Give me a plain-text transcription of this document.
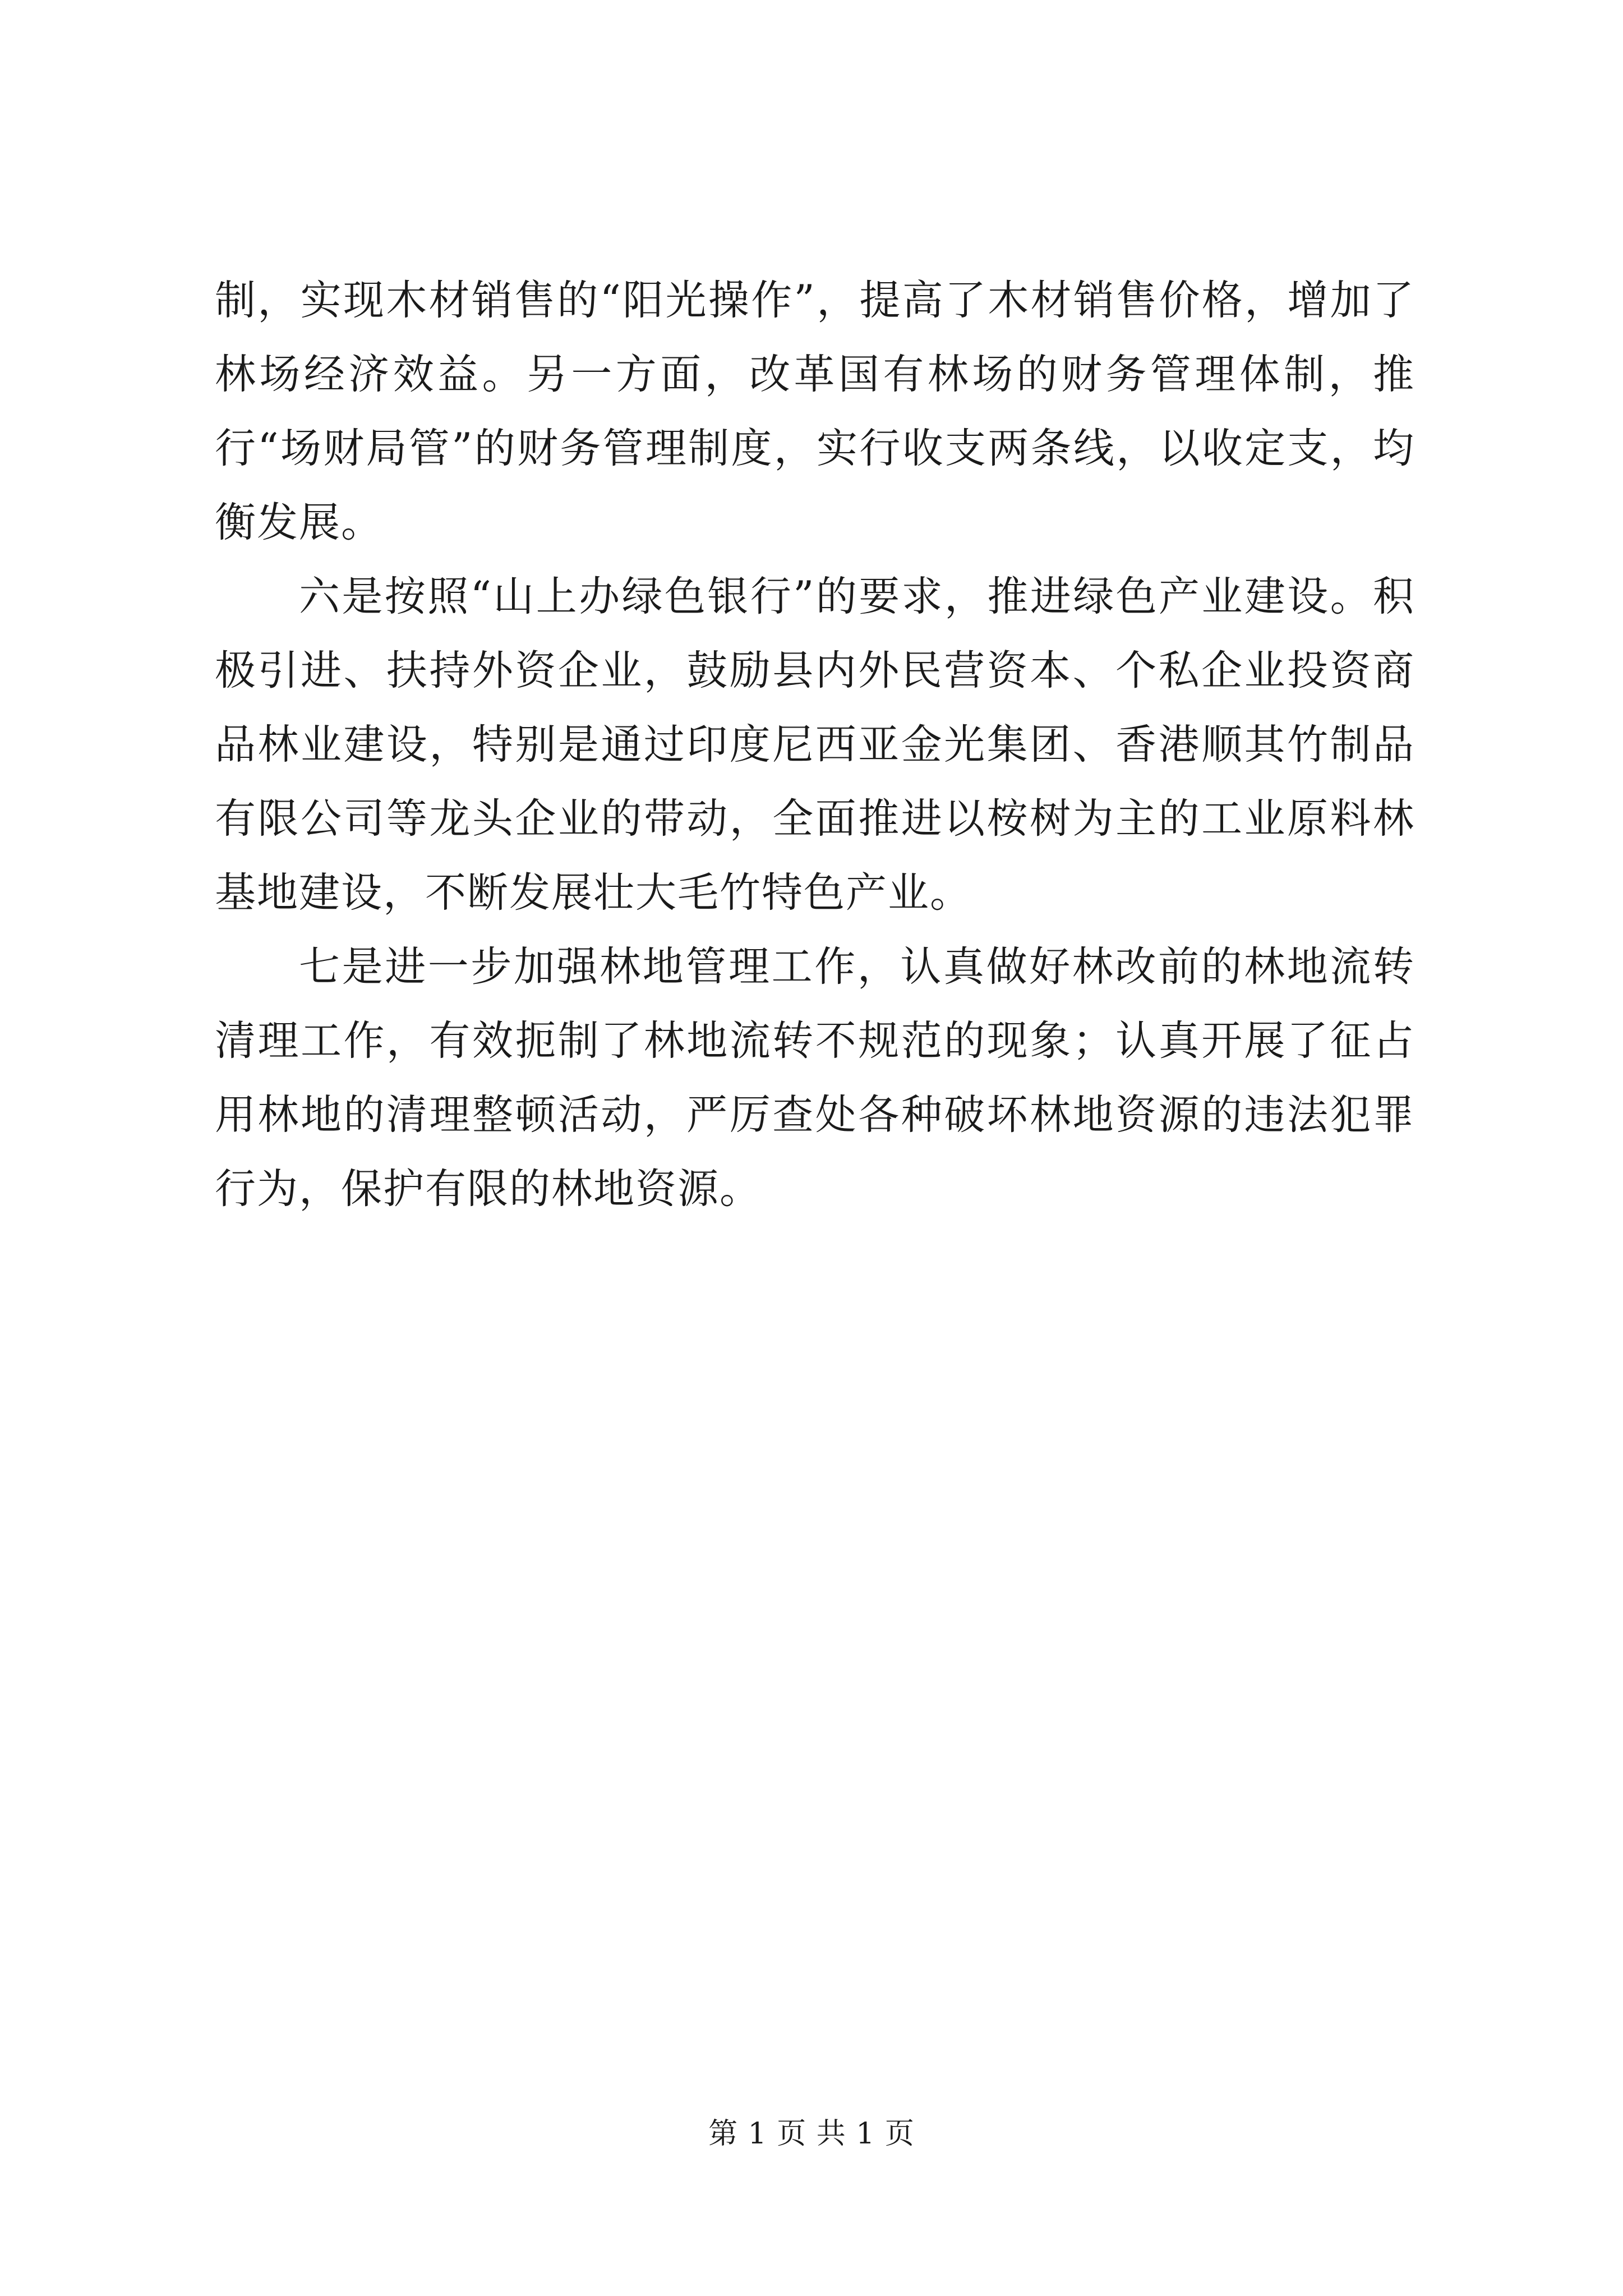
制，实现木材销售的“阳光操作”，提高了木材销售价格，增加了林场经济效益。另一方面，改革国有林场的财务管理体制，推行“场财局管”的财务管理制度，实行收支两条线，以收定支，均衡发展。

六是按照“山上办绿色银行”的要求，推进绿色产业建设。积极引进、扶持外资企业，鼓励县内外民营资本、个私企业投资商品林业建设，特别是通过印度尼西亚金光集团、香港顺其竹制品有限公司等龙头企业的带动，全面推进以桉树为主的工业原料林基地建设，不断发展壮大毛竹特色产业。

七是进一步加强林地管理工作，认真做好林改前的林地流转清理工作，有效扼制了林地流转不规范的现象；认真开展了征占用林地的清理整顿活动，严厉查处各种破坏林地资源的违法犯罪行为，保护有限的林地资源。

第 1 页 共 1 页
